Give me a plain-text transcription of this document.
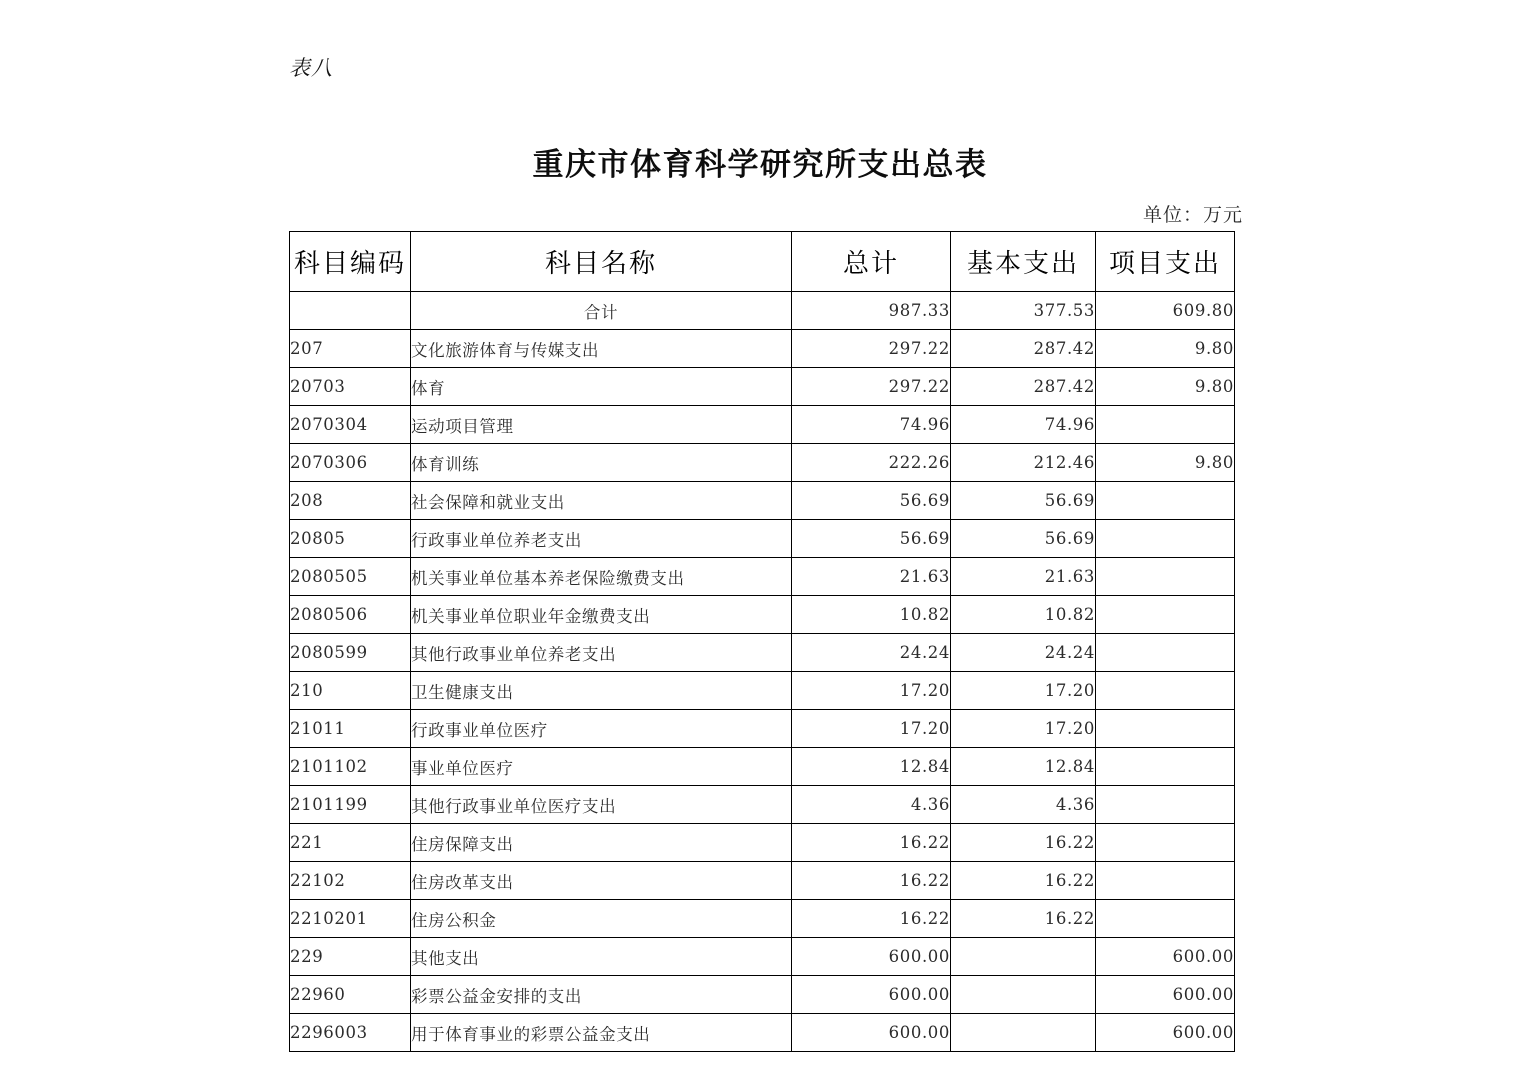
表八
重庆市体育科学研究所支出总表
单位：万元
科目编码	科目名称	总计	基本支出	项目支出
	合计	987.33	377.53	609.80
207	文化旅游体育与传媒支出	297.22	287.42	9.80
20703	体育	297.22	287.42	9.80
2070304	运动项目管理	74.96	74.96	
2070306	体育训练	222.26	212.46	9.80
208	社会保障和就业支出	56.69	56.69	
20805	行政事业单位养老支出	56.69	56.69	
2080505	机关事业单位基本养老保险缴费支出	21.63	21.63	
2080506	机关事业单位职业年金缴费支出	10.82	10.82	
2080599	其他行政事业单位养老支出	24.24	24.24	
210	卫生健康支出	17.20	17.20	
21011	行政事业单位医疗	17.20	17.20	
2101102	事业单位医疗	12.84	12.84	
2101199	其他行政事业单位医疗支出	4.36	4.36	
221	住房保障支出	16.22	16.22	
22102	住房改革支出	16.22	16.22	
2210201	住房公积金	16.22	16.22	
229	其他支出	600.00		600.00
22960	彩票公益金安排的支出	600.00		600.00
2296003	用于体育事业的彩票公益金支出	600.00		600.00
